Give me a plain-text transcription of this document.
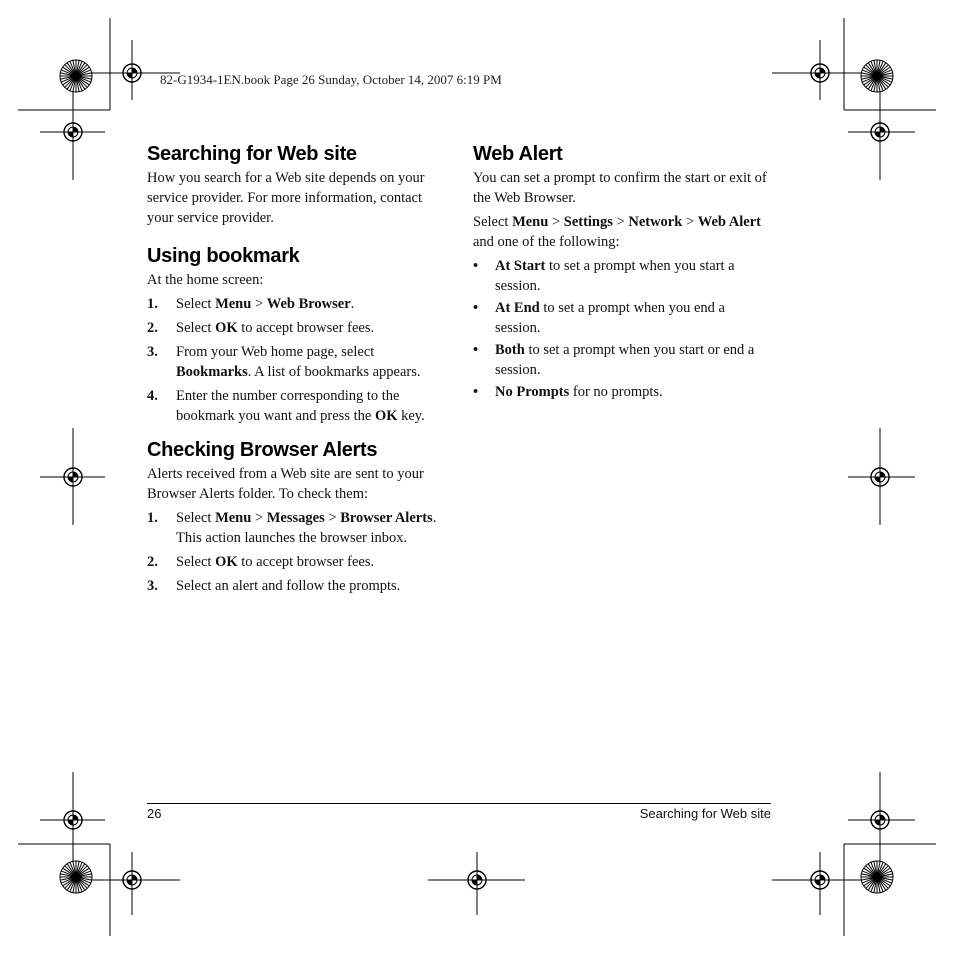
82-G1934-1EN.book Page 26 Sunday, October 14, 2007 6:19 PM
Searching for Web site

How you search for a Web site depends on your service provider. For more information, contact your service provider.

Using bookmark

At the home screen:

1. Select Menu > Web Browser.
2. Select OK to accept browser fees.
3. From your Web home page, select Bookmarks. A list of bookmarks appears.
4. Enter the number corresponding to the bookmark you want and press the OK key.
Checking Browser Alerts

Alerts received from a Web site are sent to your Browser Alerts folder. To check them:

1. Select Menu > Messages > Browser Alerts. This action launches the browser inbox.
2. Select OK to accept browser fees.
3. Select an alert and follow the prompts.
Web Alert

You can set a prompt to confirm the start or exit of the Web Browser.

Select Menu > Settings > Network > Web Alert and one of the following:

• At Start to set a prompt when you start a session.
• At End to set a prompt when you end a session.
• Both to set a prompt when you start or end a session.
• No Prompts for no prompts.
26	Searching for Web site
